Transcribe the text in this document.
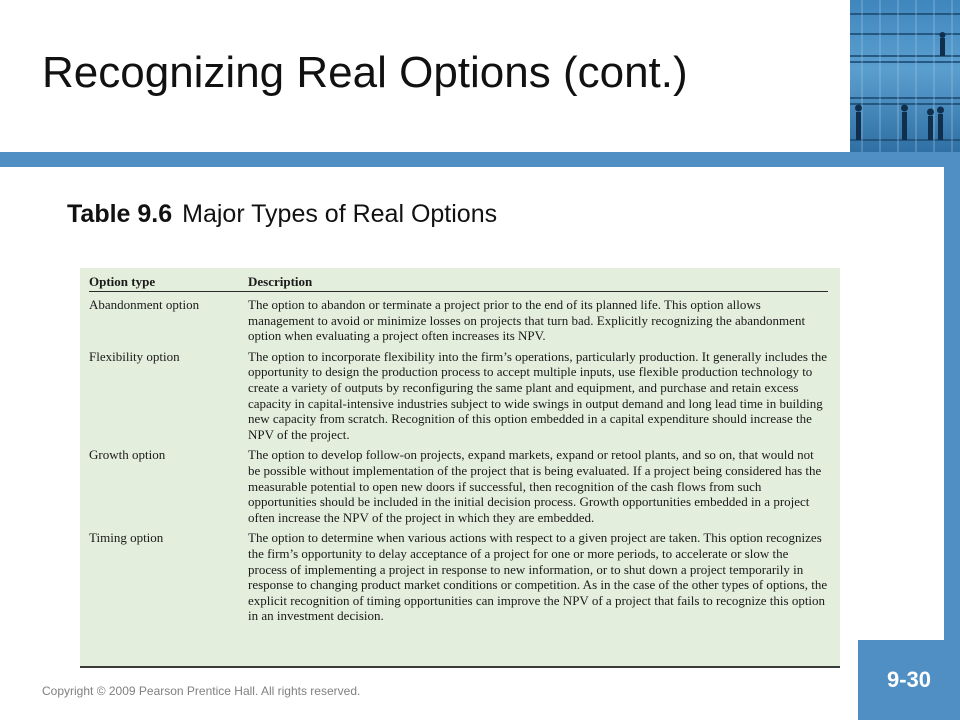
Recognizing Real Options (cont.)
Table 9.6 Major Types of Real Options
Option type	Description
Abandonment option	The option to abandon or terminate a project prior to the end of its planned life. This option allows management to avoid or minimize losses on projects that turn bad. Explicitly recognizing the abandonment option when evaluating a project often increases its NPV.
Flexibility option	The option to incorporate flexibility into the firm’s operations, particularly production. It generally includes the opportunity to design the production process to accept multiple inputs, use flexible production technology to create a variety of outputs by reconfiguring the same plant and equipment, and purchase and retain excess capacity in capital-intensive industries subject to wide swings in output demand and long lead time in building new capacity from scratch. Recognition of this option embedded in a capital expenditure should increase the NPV of the project.
Growth option	The option to develop follow-on projects, expand markets, expand or retool plants, and so on, that would not be possible without implementation of the project that is being evaluated. If a project being considered has the measurable potential to open new doors if successful, then recognition of the cash flows from such opportunities should be included in the initial decision process. Growth opportunities embedded in a project often increase the NPV of the project in which they are embedded.
Timing option	The option to determine when various actions with respect to a given project are taken. This option recognizes the firm’s opportunity to delay acceptance of a project for one or more periods, to accelerate or slow the process of implementing a project in response to new information, or to shut down a project temporarily in response to changing product market conditions or competition. As in the case of the other types of options, the explicit recognition of timing opportunities can improve the NPV of a project that fails to recognize this option in an investment decision.
Copyright © 2009 Pearson Prentice Hall. All rights reserved.	9-30
